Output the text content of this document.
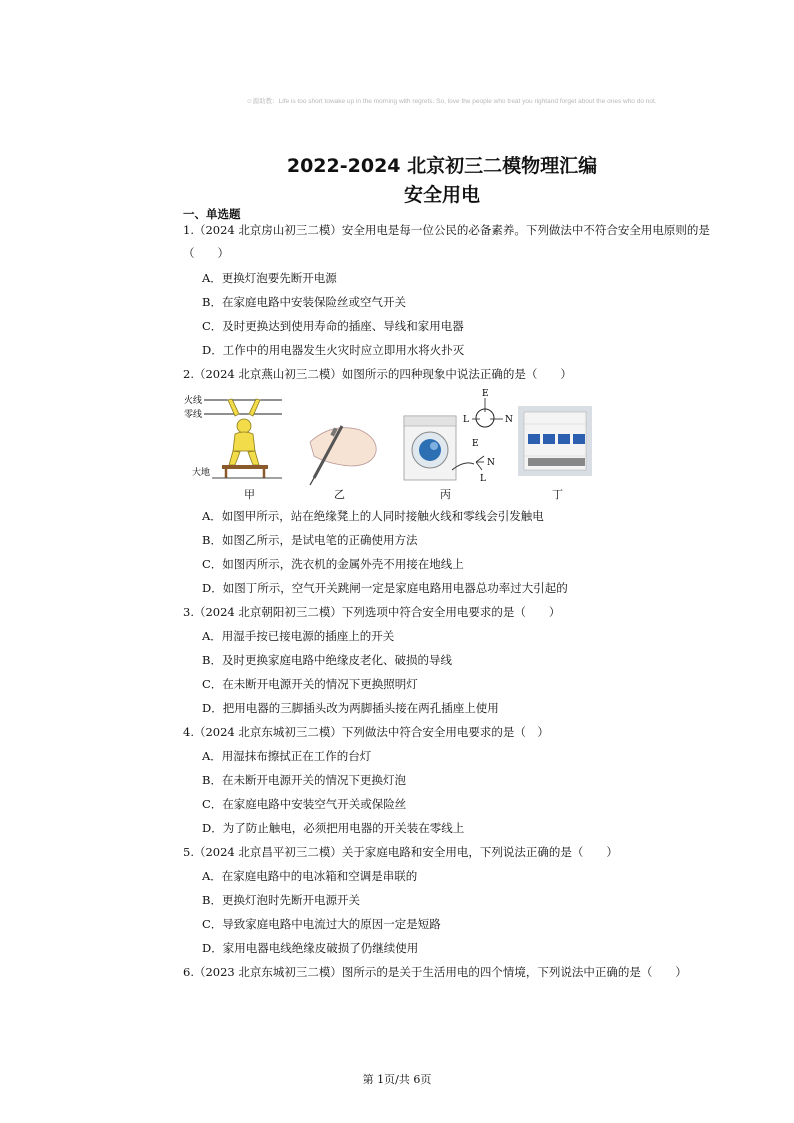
☺源助教：Life is too short towake up in the morning with regrets. So, love the people who treat you rightand forget about the ones who do not.
2022-2024 北京初三二模物理汇编
安全用电
一、单选题
1.（2024 北京房山初三二模）安全用电是每一位公民的必备素养。下列做法中不符合安全用电原则的是
（　　）
A．更换灯泡要先断开电源
B．在家庭电路中安装保险丝或空气开关
C．及时更换达到使用寿命的插座、导线和家用电器
D．工作中的用电器发生火灾时应立即用水将火扑灭
2.（2024 北京燕山初三二模）如图所示的四种现象中说法正确的是（　　）
火线
零线
大地
E
L	N
E
N
L
甲	乙	丙	丁
A．如图甲所示，站在绝缘凳上的人同时接触火线和零线会引发触电
B．如图乙所示，是试电笔的正确使用方法
C．如图丙所示，洗衣机的金属外壳不用接在地线上
D．如图丁所示，空气开关跳闸一定是家庭电路用电器总功率过大引起的
3.（2024 北京朝阳初三二模）下列选项中符合安全用电要求的是（　　）
A．用湿手按已接电源的插座上的开关
B．及时更换家庭电路中绝缘皮老化、破损的导线
C．在未断开电源开关的情况下更换照明灯
D．把用电器的三脚插头改为两脚插头接在两孔插座上使用
4.（2024 北京东城初三二模）下列做法中符合安全用电要求的是（　）
A．用湿抹布擦拭正在工作的台灯
B．在未断开电源开关的情况下更换灯泡
C．在家庭电路中安装空气开关或保险丝
D．为了防止触电，必须把用电器的开关装在零线上
5.（2024 北京昌平初三二模）关于家庭电路和安全用电，下列说法正确的是（　　）
A．在家庭电路中的电冰箱和空调是串联的
B．更换灯泡时先断开电源开关
C．导致家庭电路中电流过大的原因一定是短路
D．家用电器电线绝缘皮破损了仍继续使用
6.（2023 北京东城初三二模）图所示的是关于生活用电的四个情境，下列说法中正确的是（　　）
第 1页/共 6页
